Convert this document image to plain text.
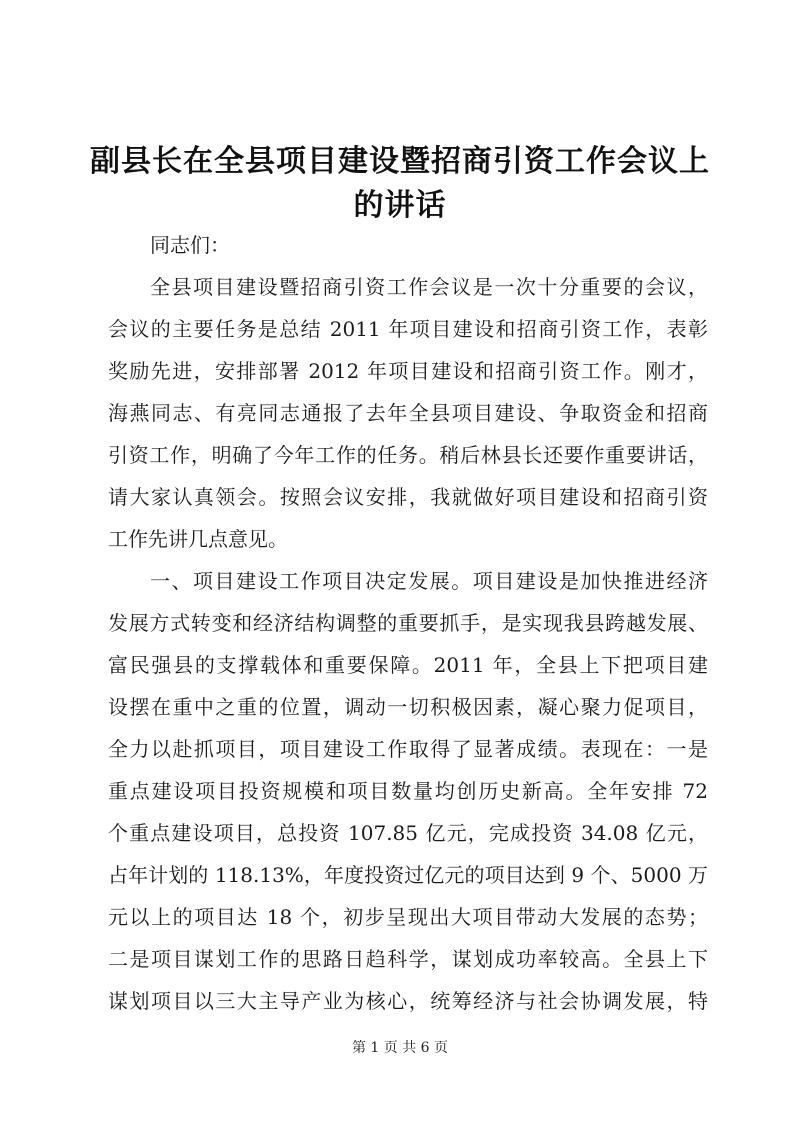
副县长在全县项目建设暨招商引资工作会议上
的讲话
同志们：
全县项目建设暨招商引资工作会议是一次十分重要的会议，
会议的主要任务是总结 2011 年项目建设和招商引资工作，表彰
奖励先进，安排部署 2012 年项目建设和招商引资工作。刚才，
海燕同志、有亮同志通报了去年全县项目建设、争取资金和招商
引资工作，明确了今年工作的任务。稍后林县长还要作重要讲话，
请大家认真领会。按照会议安排，我就做好项目建设和招商引资
工作先讲几点意见。
一、项目建设工作项目决定发展。项目建设是加快推进经济
发展方式转变和经济结构调整的重要抓手，是实现我县跨越发展、
富民强县的支撑载体和重要保障。2011 年，全县上下把项目建
设摆在重中之重的位置，调动一切积极因素，凝心聚力促项目，
全力以赴抓项目，项目建设工作取得了显著成绩。表现在：一是
重点建设项目投资规模和项目数量均创历史新高。全年安排 72
个重点建设项目，总投资 107.85 亿元，完成投资 34.08 亿元，
占年计划的 118.13%，年度投资过亿元的项目达到 9 个、5000 万
元以上的项目达 18 个，初步呈现出大项目带动大发展的态势；
二是项目谋划工作的思路日趋科学，谋划成功率较高。全县上下
谋划项目以三大主导产业为核心，统筹经济与社会协调发展，特
第 1 页 共 6 页
